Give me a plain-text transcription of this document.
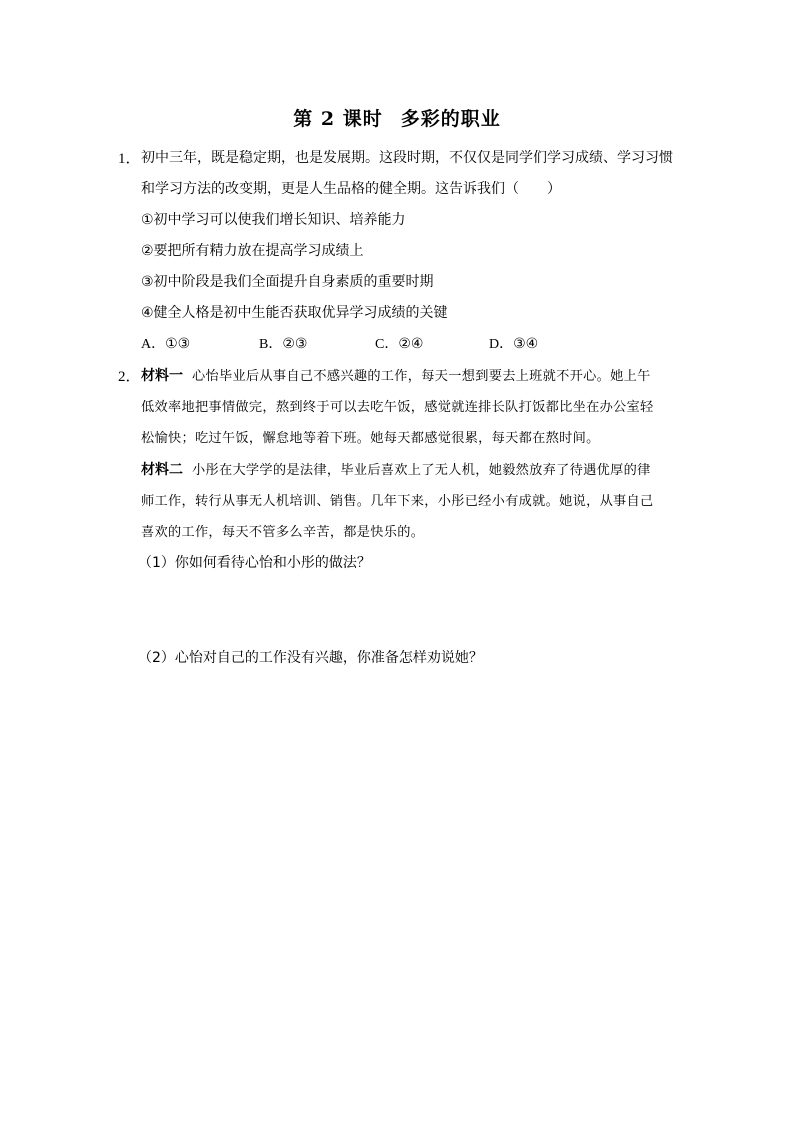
第 2 课时 多彩的职业
1． 初中三年，既是稳定期，也是发展期。这段时期，不仅仅是同学们学习成绩、学习习惯
和学习方法的改变期，更是人生品格的健全期。这告诉我们（　　）
①初中学习可以使我们增长知识、培养能力
②要把所有精力放在提高学习成绩上
③初中阶段是我们全面提升自身素质的重要时期
④健全人格是初中生能否获取优异学习成绩的关键
A．①③	B．②③	C．②④	D．③④
2． 材料一 心怡毕业后从事自己不感兴趣的工作，每天一想到要去上班就不开心。她上午
低效率地把事情做完，熬到终于可以去吃午饭，感觉就连排长队打饭都比坐在办公室轻
松愉快；吃过午饭，懈怠地等着下班。她每天都感觉很累，每天都在熬时间。
材料二 小彤在大学学的是法律，毕业后喜欢上了无人机，她毅然放弃了待遇优厚的律
师工作，转行从事无人机培训、销售。几年下来，小彤已经小有成就。她说，从事自己
喜欢的工作，每天不管多么辛苦，都是快乐的。
（1）你如何看待心怡和小彤的做法？
（2）心怡对自己的工作没有兴趣，你准备怎样劝说她？
